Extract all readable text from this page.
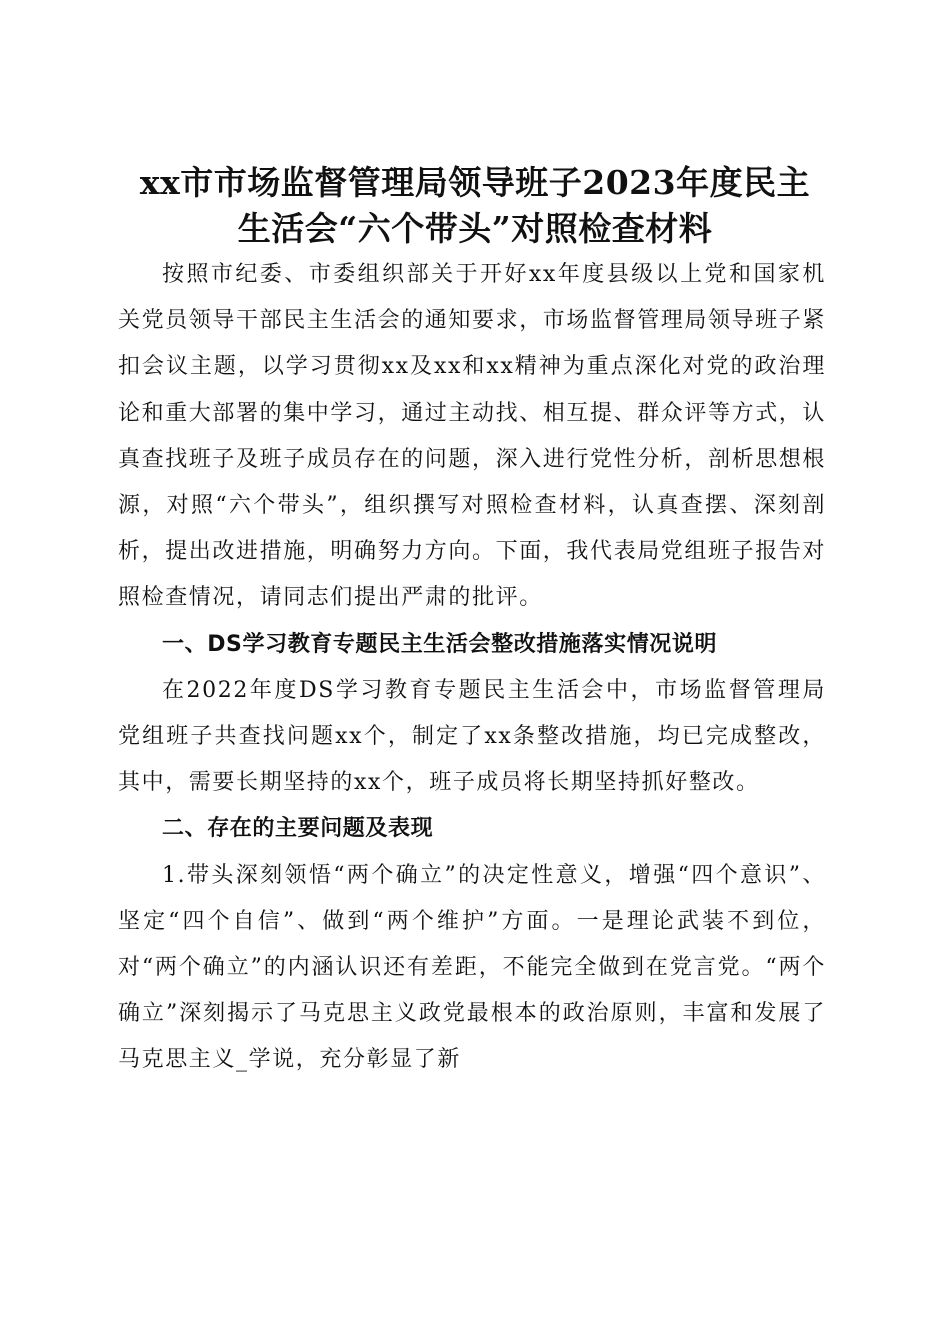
xx市市场监督管理局领导班子2023年度民主
生活会“六个带头”对照检查材料

按照市纪委、市委组织部关于开好xx年度县级以上党和国家机关党员领导干部民主生活会的通知要求，市场监督管理局领导班子紧扣会议主题，以学习贯彻xx及xx和xx精神为重点深化对党的政治理论和重大部署的集中学习，通过主动找、相互提、群众评等方式，认真查找班子及班子成员存在的问题，深入进行党性分析，剖析思想根源，对照“六个带头”，组织撰写对照检查材料，认真查摆、深刻剖析，提出改进措施，明确努力方向。下面，我代表局党组班子报告对照检查情况，请同志们提出严肃的批评。

一、DS学习教育专题民主生活会整改措施落实情况说明

在2022年度DS学习教育专题民主生活会中，市场监督管理局党组班子共查找问题xx个，制定了xx条整改措施，均已完成整改，其中，需要长期坚持的xx个，班子成员将长期坚持抓好整改。

二、存在的主要问题及表现

1.带头深刻领悟“两个确立”的决定性意义，增强“四个意识”、坚定“四个自信”、做到“两个维护”方面。一是理论武装不到位，对“两个确立”的内涵认识还有差距，不能完全做到在党言党。“两个确立”深刻揭示了马克思主义政党最根本的政治原则，丰富和发展了马克思主义_学说，充分彰显了新
